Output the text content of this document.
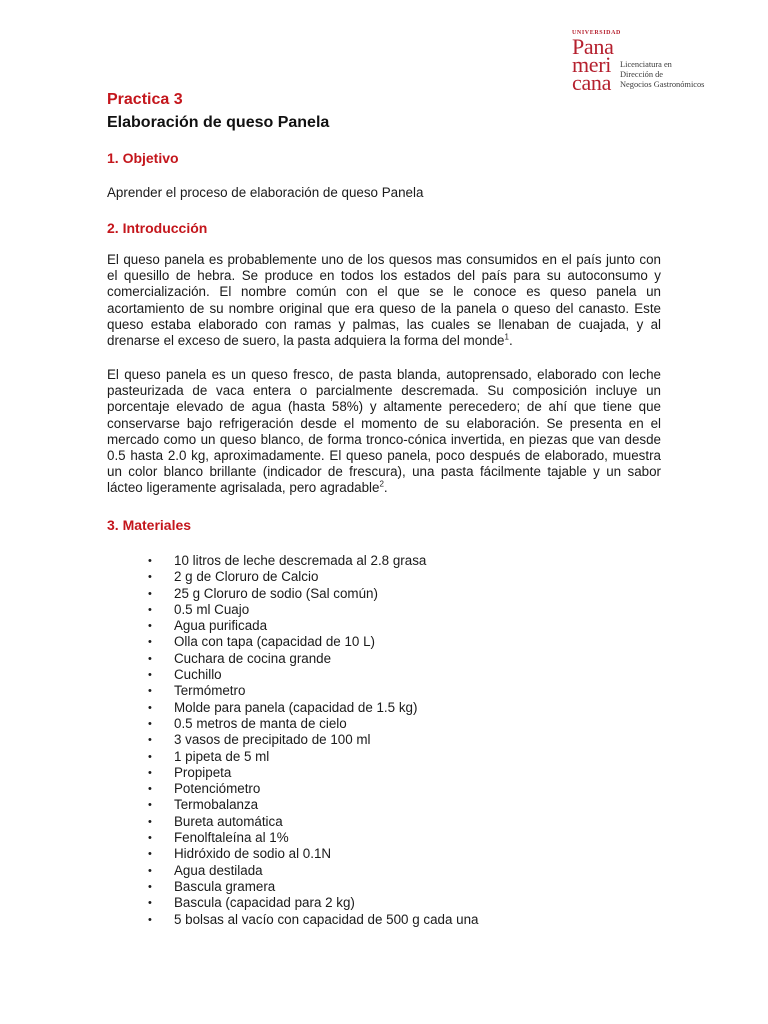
UNIVERSIDAD
Pana
meri
cana
Licenciatura en
Dirección de
Negocios Gastronómicos
Practica 3
Elaboración de queso Panela
1. Objetivo
Aprender el proceso de elaboración de queso Panela
2. Introducción
El queso panela es probablemente uno de los quesos mas consumidos en el país junto con el quesillo de hebra. Se produce en todos los estados del país para su autoconsumo y comercialización. El nombre común con el que se le conoce es queso panela un acortamiento de su nombre original que era queso de la panela o queso del canasto. Este queso estaba elaborado con ramas y palmas, las cuales se llenaban de cuajada, y al drenarse el exceso de suero, la pasta adquiera la forma del monde$^1$.
El queso panela es un queso fresco, de pasta blanda, autoprensado, elaborado con leche pasteurizada de vaca entera o parcialmente descremada. Su composición incluye un porcentaje elevado de agua (hasta 58%) y altamente perecedero; de ahí que tiene que conservarse bajo refrigeración desde el momento de su elaboración. Se presenta en el mercado como un queso blanco, de forma tronco-cónica invertida, en piezas que van desde 0.5 hasta 2.0 kg, aproximadamente. El queso panela, poco después de elaborado, muestra un color blanco brillante (indicador de frescura), una pasta fácilmente tajable y un sabor lácteo ligeramente agrisalada, pero agradable$^2$.
3. Materiales
•	10 litros de leche descremada al 2.8 grasa
•	2 g de Cloruro de Calcio
•	25 g Cloruro de sodio (Sal común)
•	0.5 ml Cuajo
•	Agua purificada
•	Olla con tapa (capacidad de 10 L)
•	Cuchara de cocina grande
•	Cuchillo
•	Termómetro
•	Molde para panela (capacidad de 1.5 kg)
•	0.5 metros de manta de cielo
•	3 vasos de precipitado de 100 ml
•	1 pipeta de 5 ml
•	Propipeta
•	Potenciómetro
•	Termobalanza
•	Bureta automática
•	Fenolftaleína al 1%
•	Hidróxido de sodio al 0.1N
•	Agua destilada
•	Bascula gramera
•	Bascula (capacidad para 2 kg)
•	5 bolsas al vacío con capacidad de 500 g cada una
